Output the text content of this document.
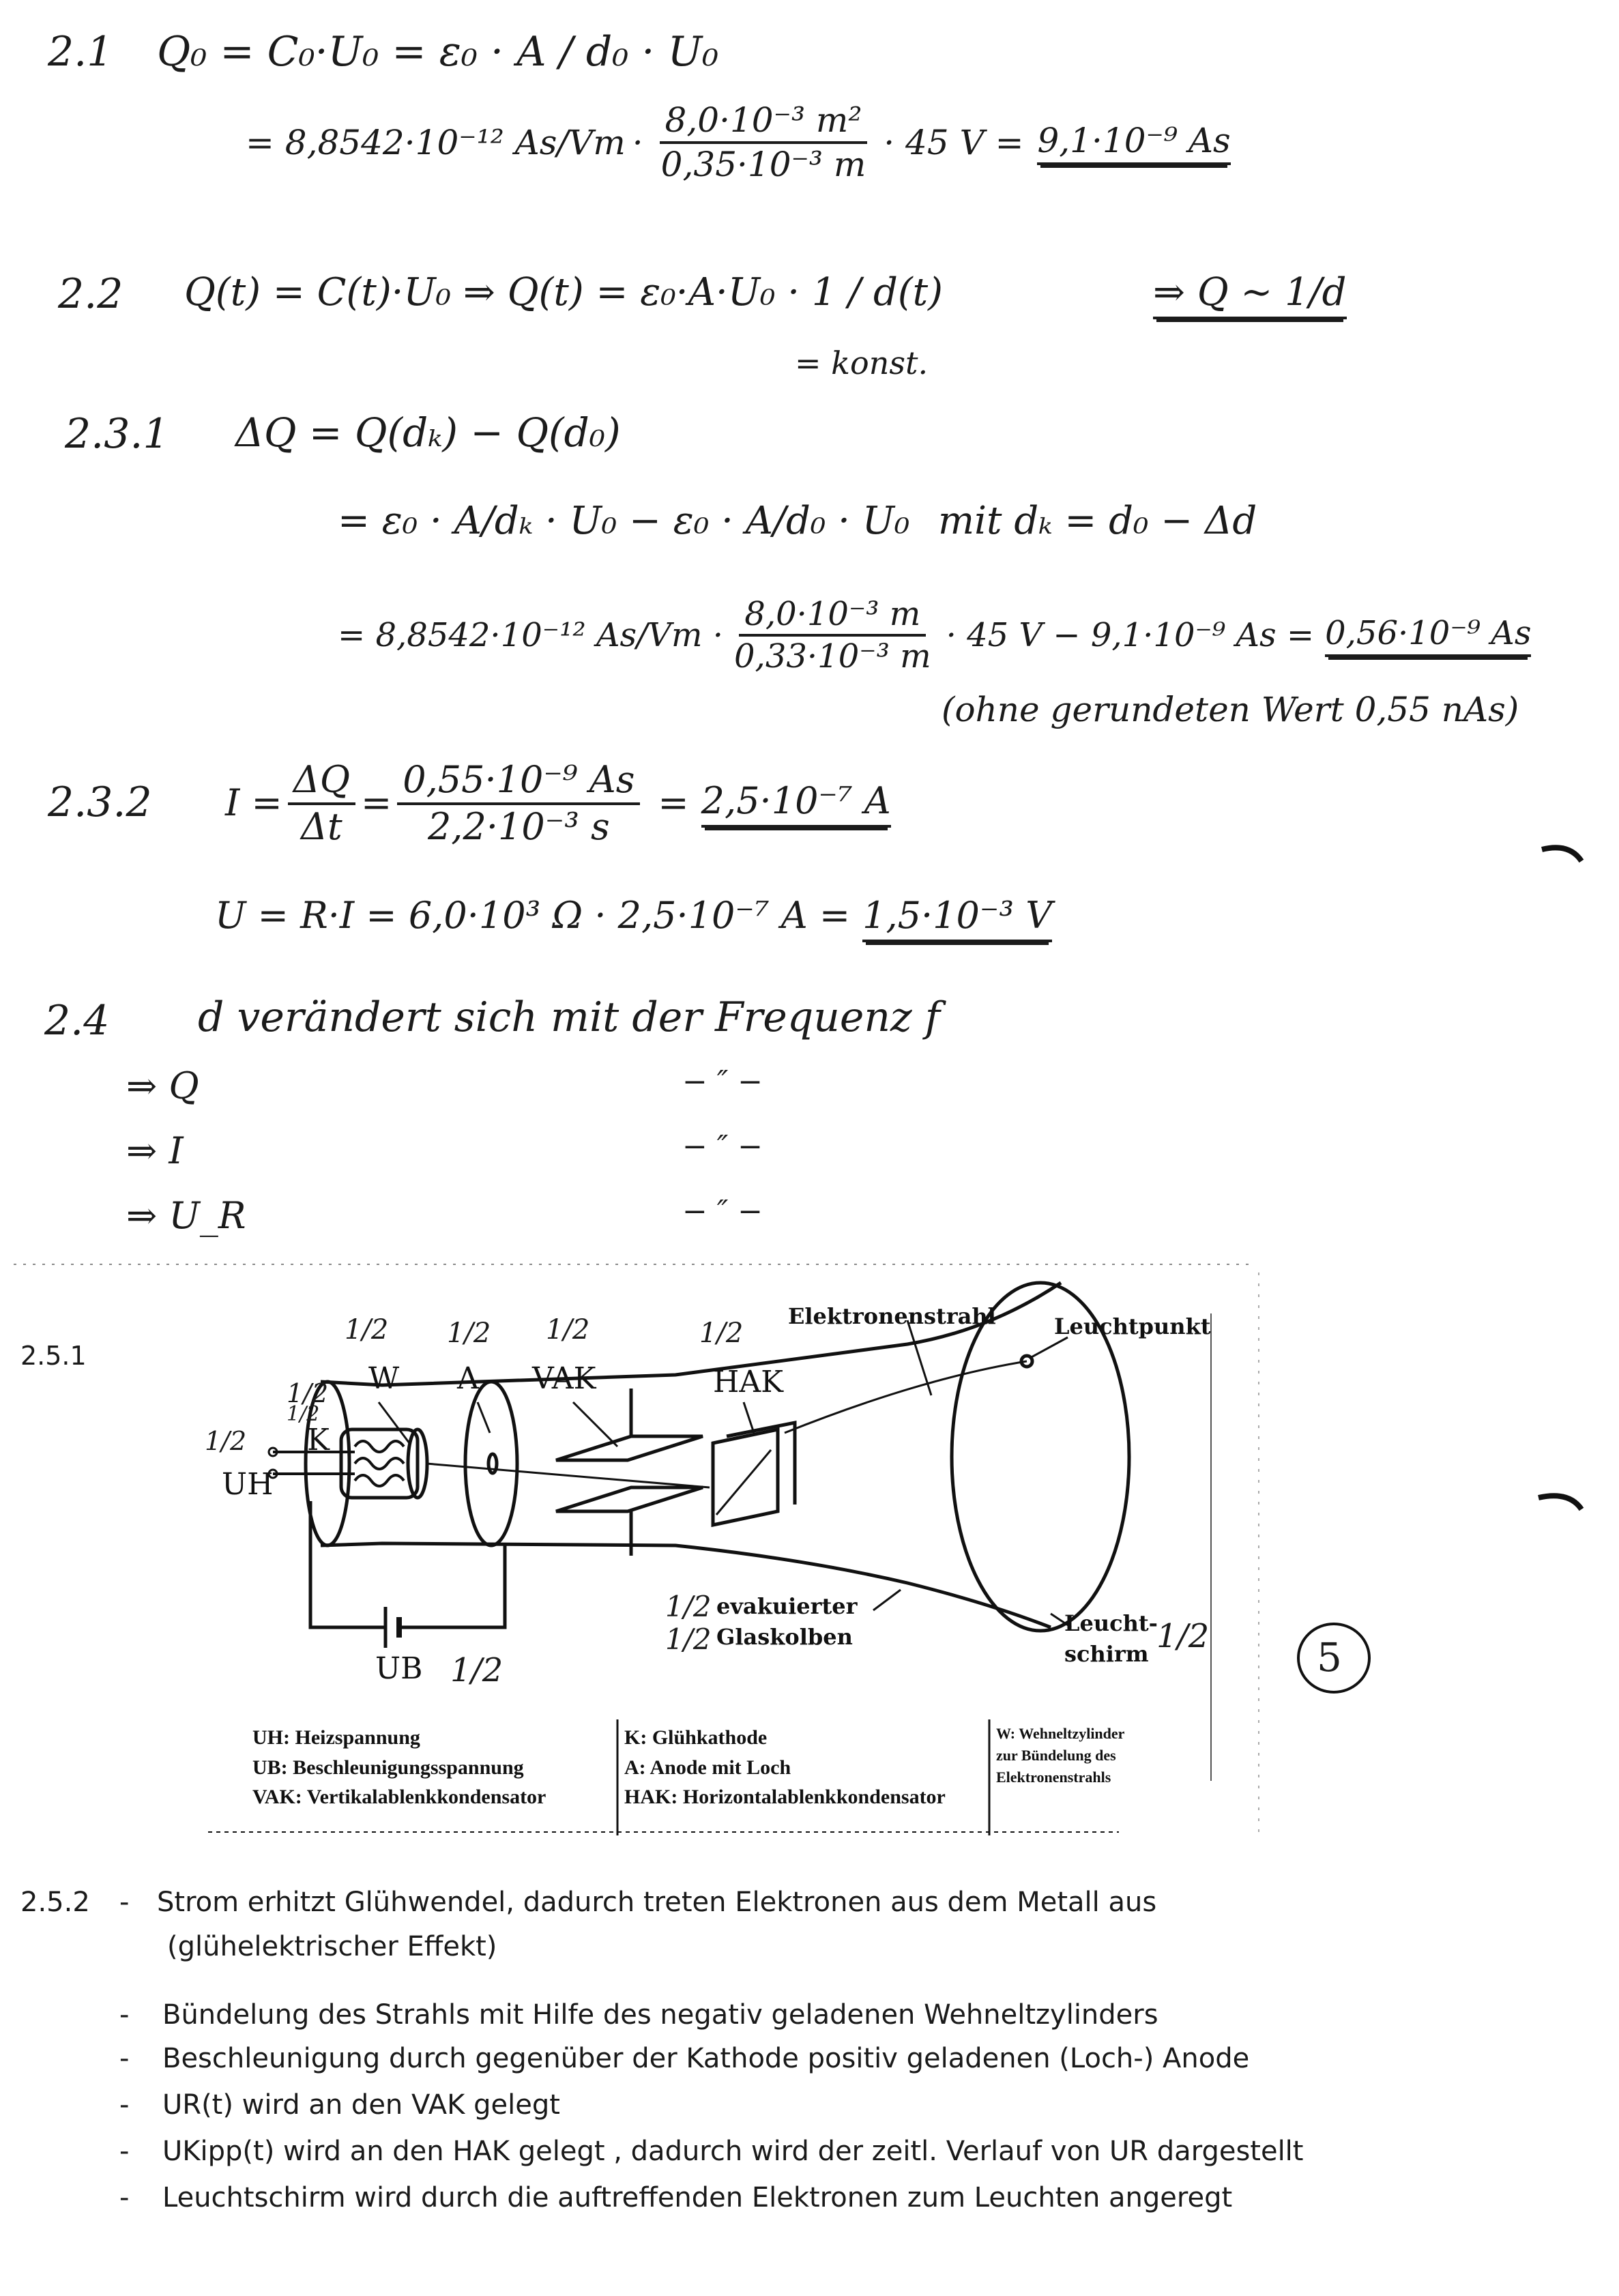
2.1 Q₀ = C₀·U₀ = ε₀ · A / d₀ · U₀
= 8,8542·10⁻¹² $As/Vm \cdot \frac{\text{8,0·10⁻³ m²}}{\text{0,35·10⁻³ m}} \cdot 45$ V = 9,1·10⁻⁹ As
2.2 Q(t) = C(t)·U₀ ⇒ Q(t) = ε₀·A·U₀ · 1 / d(t)
= konst.
⇒ Q ~ 1/d
2.3.1 ΔQ = Q(dₖ) − Q(d₀)
= ε₀ · A/dₖ · U₀ − ε₀ · A/d₀ · U₀ mit dₖ = d₀ − Δd
= 8,8542·10⁻¹² $As/Vm \cdot \frac{\text{8,0·10⁻³ m}}{\text{0,33·10⁻³ m}} \cdot 45$ V − 9,1·10⁻⁹ As = 0,56·10⁻⁹ As
(ohne gerundeten Wert 0,55 nAs)
2.3.2 $I = \frac{\Delta Q}{\Delta t} = \frac{\text{0,55·10⁻⁹ As}}{\text{2,2·10⁻³ s}} = 2,5\cdot 10^{-7}$ A
U = R·I = 6,0·10³ Ω · 2,5·10⁻⁷ A = 1,5·10⁻³ V
2.4 d verändert sich mit der Frequenz f
⇒ Q	− ″ −
⇒ I	− ″ −
⇒ U_R	− ″ −
2.5.1
W A VAK	HAK
K
UH
Elektronenstrahl	Leuchtpunkt
evakuierter
Glaskolben
Leucht-
schirm
UB
1/2 1/2 1/2	1/2
1/2
1/2
1/2
1/2
1/2	1/2
1/2
5
UH: Heizspannung
UB: Beschleunigungsspannung
VAK: Vertikalablenkkondensator
K: Glühkathode
A: Anode mit Loch
HAK: Horizontalablenkkondensator
W: Wehneltzylinder
zur Bündelung des
Elektronenstrahls
2.5.2 - Strom erhitzt Glühwendel, dadurch treten Elektronen aus dem Metall aus
(glühelektrischer Effekt)
- Bündelung des Strahls mit Hilfe des negativ geladenen Wehneltzylinders
- Beschleunigung durch gegenüber der Kathode positiv geladenen (Loch-) Anode
- UR(t) wird an den VAK gelegt
- UKipp(t) wird an den HAK gelegt , dadurch wird der zeitl. Verlauf von UR dargestellt
- Leuchtschirm wird durch die auftreffenden Elektronen zum Leuchten angeregt
